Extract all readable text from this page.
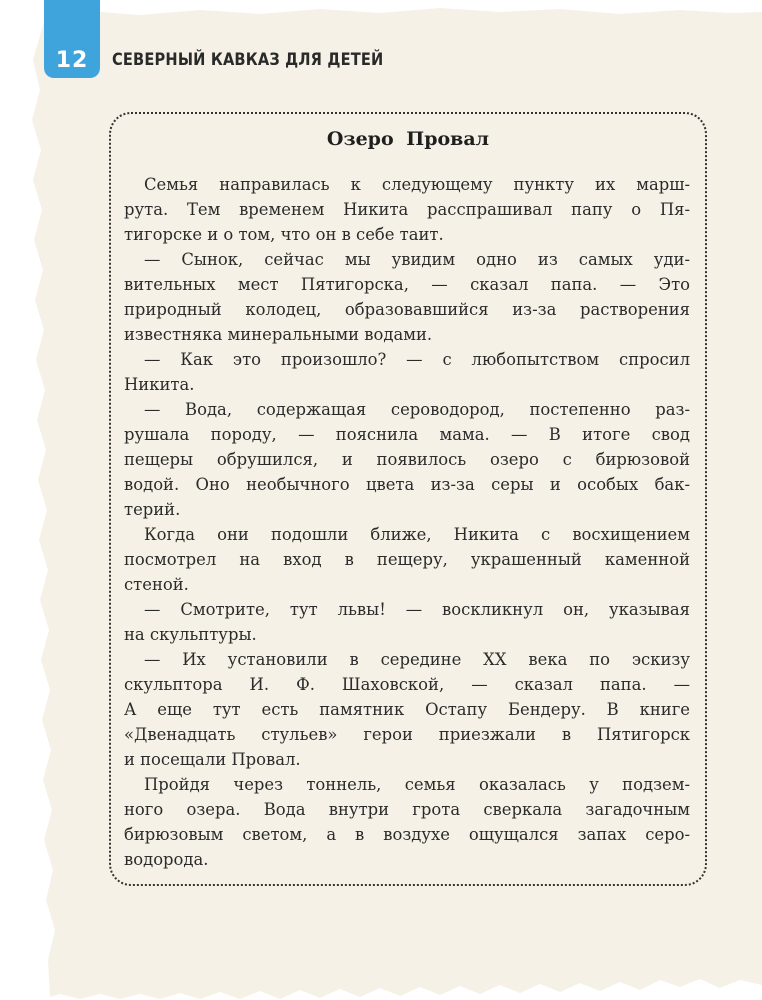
12	СЕВЕРНЫЙ КАВКАЗ ДЛЯ ДЕТЕЙ
Озеро Провал

Семья направилась к следующему пункту их марш-
рута. Тем временем Никита расспрашивал папу о Пя-
тигорске и о том, что он в себе таит.

— Сынок, сейчас мы увидим одно из самых уди-
вительных мест Пятигорска, — сказал папа. — Это
природный колодец, образовавшийся из-за растворения
известняка минеральными водами.

— Как это произошло? — с любопытством спросил
Никита.

— Вода, содержащая сероводород, постепенно раз-
рушала породу, — пояснила мама. — В итоге свод
пещеры обрушился, и появилось озеро с бирюзовой
водой. Оно необычного цвета из-за серы и особых бак-
терий.

Когда они подошли ближе, Никита с восхищением
посмотрел на вход в пещеру, украшенный каменной
стеной.

— Смотрите, тут львы! — воскликнул он, указывая
на скульптуры.

— Их установили в середине XX века по эскизу
скульптора И. Ф. Шаховской, — сказал папа. —
А еще тут есть памятник Остапу Бендеру. В книге
«Двенадцать стульев» герои приезжали в Пятигорск
и посещали Провал.

Пройдя через тоннель, семья оказалась у подзем-
ного озера. Вода внутри грота сверкала загадочным
бирюзовым светом, а в воздухе ощущался запах серо-
водорода.
